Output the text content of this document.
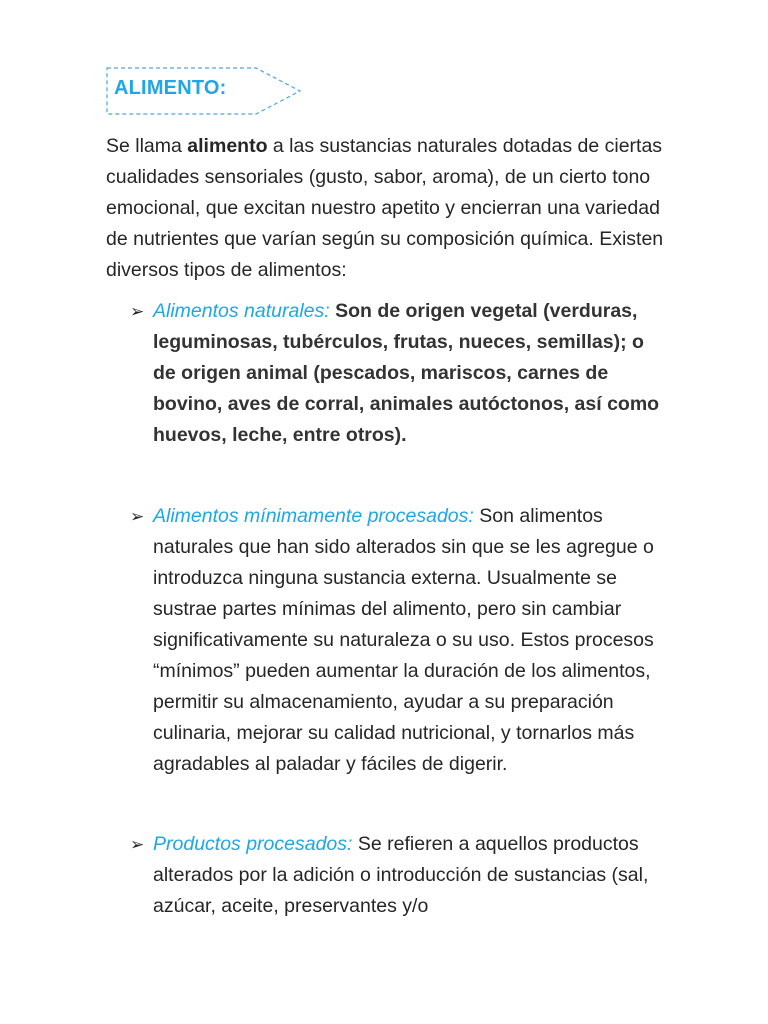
ALIMENTO:
Se llama alimento a las sustancias naturales dotadas de ciertas cualidades sensoriales (gusto, sabor, aroma), de un cierto tono emocional, que excitan nuestro apetito y encierran una variedad de nutrientes que varían según su composición química. Existen diversos tipos de alimentos:
➢ Alimentos naturales: Son de origen vegetal (verduras, leguminosas, tubérculos, frutas, nueces, semillas); o de origen animal (pescados, mariscos, carnes de bovino, aves de corral, animales autóctonos, así como huevos, leche, entre otros).
➢ Alimentos mínimamente procesados: Son alimentos naturales que han sido alterados sin que se les agregue o introduzca ninguna sustancia externa. Usualmente se sustrae partes mínimas del alimento, pero sin cambiar significativamente su naturaleza o su uso. Estos procesos “mínimos” pueden aumentar la duración de los alimentos, permitir su almacenamiento, ayudar a su preparación culinaria, mejorar su calidad nutricional, y tornarlos más agradables al paladar y fáciles de digerir.
➢ Productos procesados: Se refieren a aquellos productos alterados por la adición o introducción de sustancias (sal, azúcar, aceite, preservantes y/o
